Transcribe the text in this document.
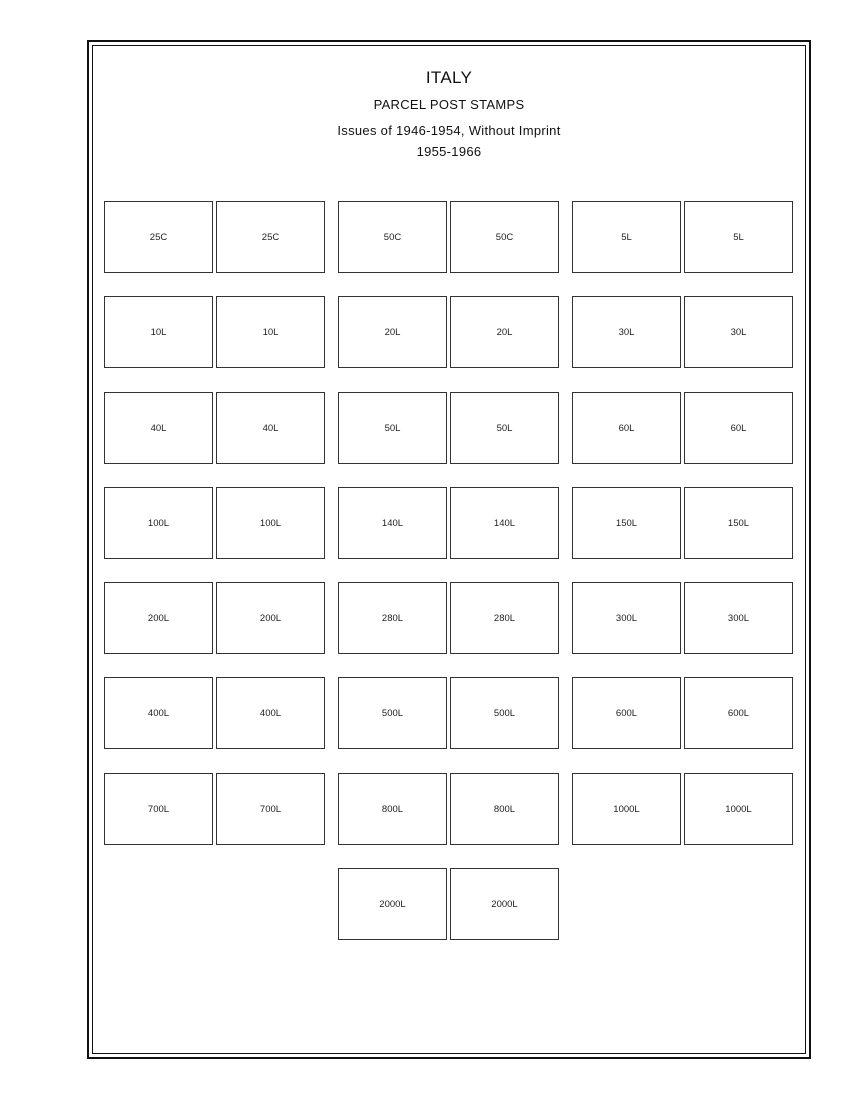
ITALY
PARCEL POST STAMPS
Issues of 1946-1954, Without Imprint
1955-1966
25C	25C	50C	50C	5L	5L
10L	10L	20L	20L	30L	30L
40L	40L	50L	50L	60L	60L
100L	100L	140L	140L	150L	150L
200L	200L	280L	280L	300L	300L
400L	400L	500L	500L	600L	600L
700L	700L	800L	800L	1000L	1000L
2000L	2000L
